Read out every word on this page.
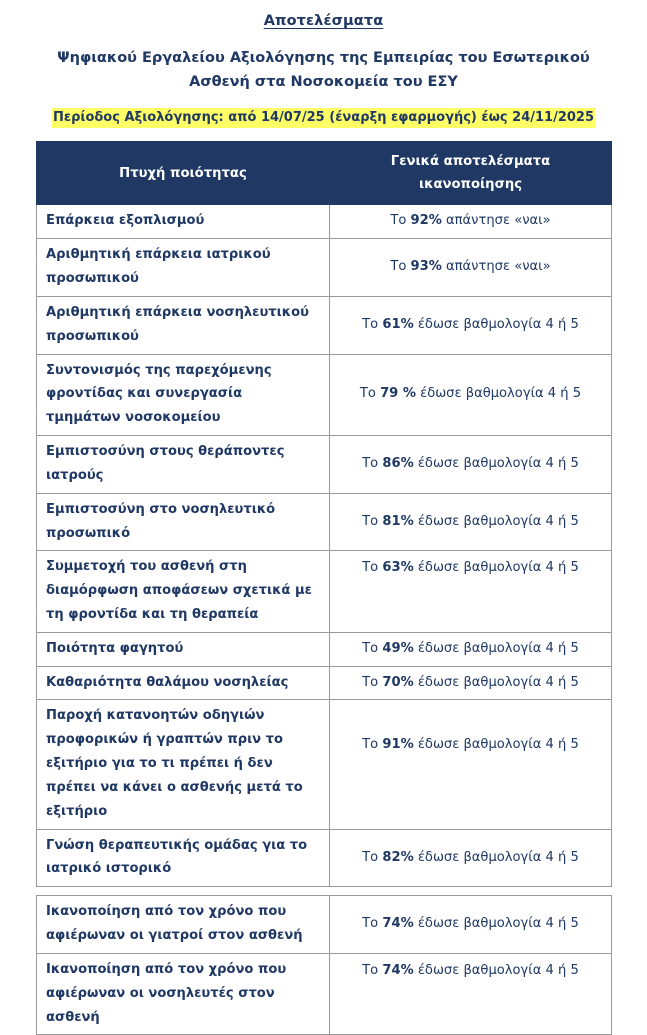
Αποτελέσματα
Ψηφιακού Εργαλείου Αξιολόγησης της Εμπειρίας του Εσωτερικού Ασθενή στα Νοσοκομεία του ΕΣΥ
Περίοδος Αξιολόγησης: από 14/07/25 (έναρξη εφαρμογής) έως 24/11/2025
Πτυχή ποιότητας	Γενικά αποτελέσματα
ικανοποίησης

Επάρκεια εξοπλισμού	Το 92% απάντησε «ναι»
Αριθμητική επάρκεια ιατρικού προσωπικού	Το 93% απάντησε «ναι»
Αριθμητική επάρκεια νοσηλευτικού προσωπικού	Το 61% έδωσε βαθμολογία 4 ή 5
Συντονισμός της παρεχόμενης φροντίδας και συνεργασία τμημάτων νοσοκομείου	Το 79 % έδωσε βαθμολογία 4 ή 5
Εμπιστοσύνη στους θεράποντες ιατρούς	Το 86% έδωσε βαθμολογία 4 ή 5
Εμπιστοσύνη στο νοσηλευτικό προσωπικό	Το 81% έδωσε βαθμολογία 4 ή 5
Συμμετοχή του ασθενή στη διαμόρφωση αποφάσεων σχετικά με τη φροντίδα και τη θεραπεία	Το 63% έδωσε βαθμολογία 4 ή 5
Ποιότητα φαγητού	Το 49% έδωσε βαθμολογία 4 ή 5
Καθαριότητα θαλάμου νοσηλείας	Το 70% έδωσε βαθμολογία 4 ή 5
Παροχή κατανοητών οδηγιών προφορικών ή γραπτών πριν το εξιτήριο για το τι πρέπει ή δεν πρέπει να κάνει ο ασθενής μετά το εξιτήριο	Το 91% έδωσε βαθμολογία 4 ή 5
Γνώση θεραπευτικής ομάδας για το ιατρικό ιστορικό	Το 82% έδωσε βαθμολογία 4 ή 5
Ικανοποίηση από τον χρόνο που αφιέρωναν οι γιατροί στον ασθενή	Το 74% έδωσε βαθμολογία 4 ή 5
Ικανοποίηση από τον χρόνο που αφιέρωναν οι νοσηλευτές στον ασθενή	Το 74% έδωσε βαθμολογία 4 ή 5
